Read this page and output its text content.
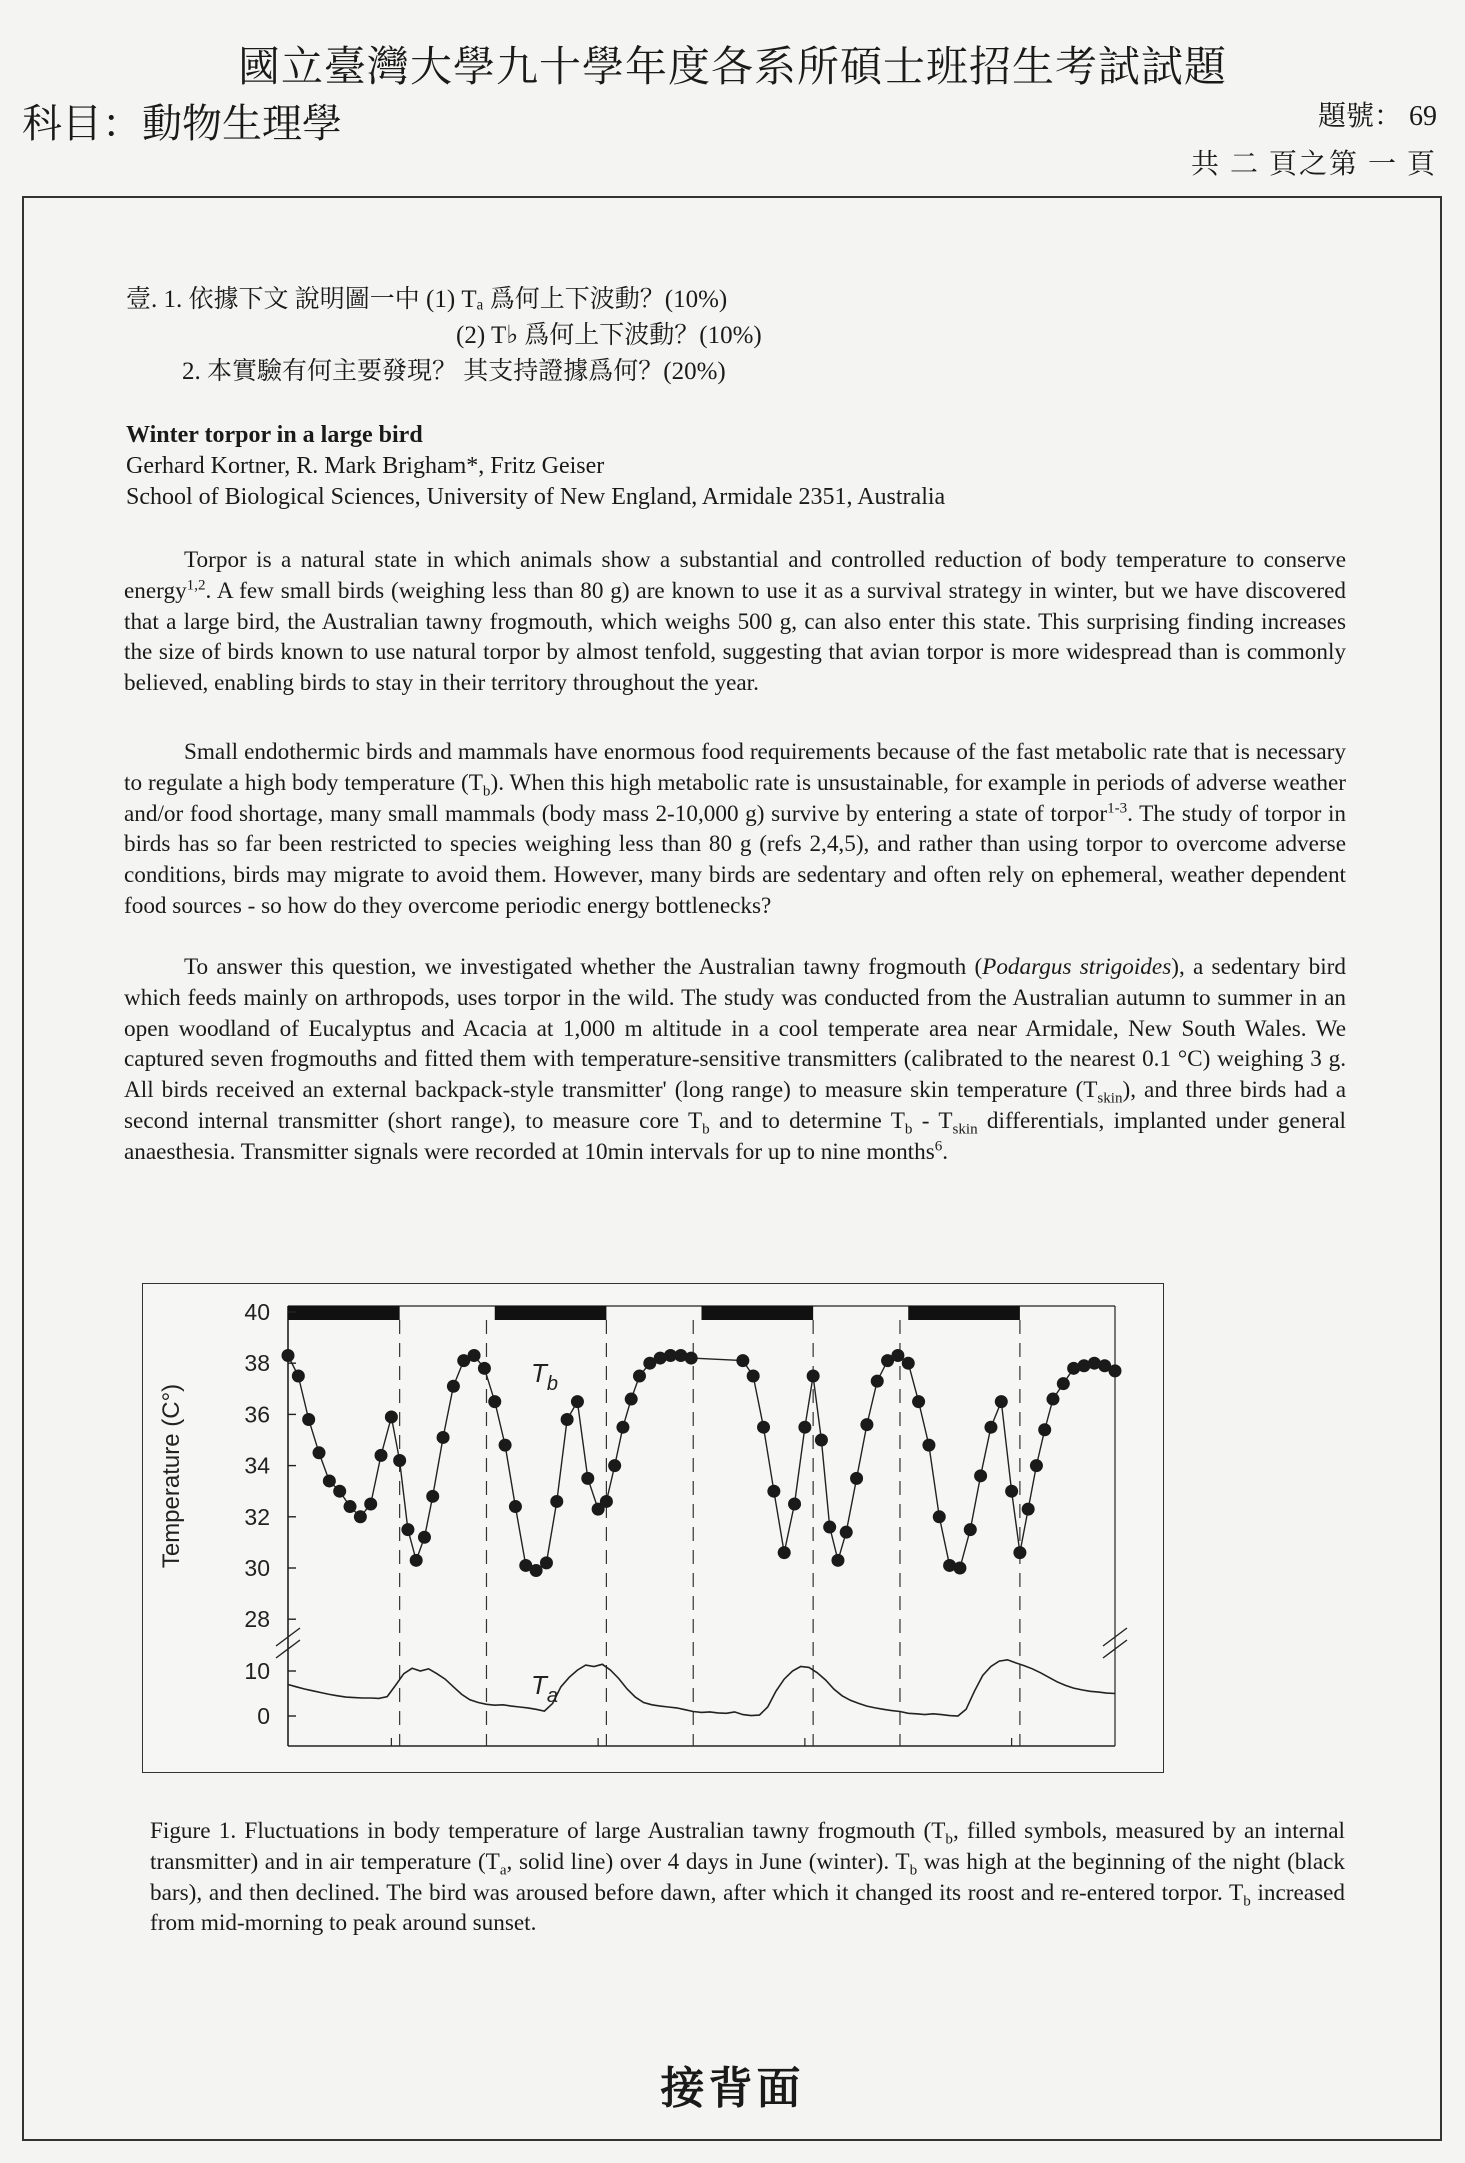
國立臺灣大學九十學年度各系所碩士班招生考試試題
科目：動物生理學	題號： 69
共 二 頁之第 一 頁
壹. 1. 依據下文 說明圖一中 (1) Tₐ 爲何上下波動？(10%)
(2) T♭ 爲何上下波動？(10%)
2. 本實驗有何主要發現？ 其支持證據爲何？(20%)
Winter torpor in a large bird
Gerhard Kortner, R. Mark Brigham*, Fritz Geiser
School of Biological Sciences, University of New England, Armidale 2351, Australia

Torpor is a natural state in which animals show a substantial and controlled reduction of body temperature to conserve energy$^{1,2}$. A few small birds (weighing less than 80 g) are known to use it as a survival strategy in winter, but we have discovered that a large bird, the Australian tawny frogmouth, which weighs 500 g, can also enter this state. This surprising finding increases the size of birds known to use natural torpor by almost tenfold, suggesting that avian torpor is more widespread than is commonly believed, enabling birds to stay in their territory throughout the year.

Small endothermic birds and mammals have enormous food requirements because of the fast metabolic rate that is necessary to regulate a high body temperature $(T_b)$. When this high metabolic rate is unsustainable, for example in periods of adverse weather and/or food shortage, many small mammals (body mass 2-10,000 g) survive by entering a state of torpor$^{1-3}$. The study of torpor in birds has so far been restricted to species weighing less than 80 g (refs 2,4,5), and rather than using torpor to overcome adverse conditions, birds may migrate to avoid them. However, many birds are sedentary and often rely on ephemeral, weather dependent food sources - so how do they overcome periodic energy bottlenecks?

To answer this question, we investigated whether the Australian tawny frogmouth (Podargus strigoides), a sedentary bird which feeds mainly on arthropods, uses torpor in the wild. The study was conducted from the Australian autumn to summer in an open woodland of Eucalyptus and Acacia at 1,000 m altitude in a cool temperate area near Armidale, New South Wales. We captured seven frogmouths and fitted them with temperature-sensitive transmitters (calibrated to the nearest 0.1 °C) weighing 3 g. All birds received an external backpack-style transmitter' (long range) to measure skin temperature $(T_{skin})$, and three birds had a second internal transmitter (short range), to measure core $T_b$ and to determine $T_b - T_{skin}$ differentials, implanted under general anaesthesia. Transmitter signals were recorded at 10min intervals for up to nine months$^6$.

28
30
32
34
36
38
40
0
10
Temperature (C°)
$T_b$
$T_a$

Figure 1. Fluctuations in body temperature of large Australian tawny frogmouth ($T_b$, filled symbols, measured by an internal transmitter) and in air temperature ($T_a$, solid line) over 4 days in June (winter). $T_b$ was high at the beginning of the night (black bars), and then declined. The bird was aroused before dawn, after which it changed its roost and re-entered torpor. $T_b$ increased from mid-morning to peak around sunset.

接背面
